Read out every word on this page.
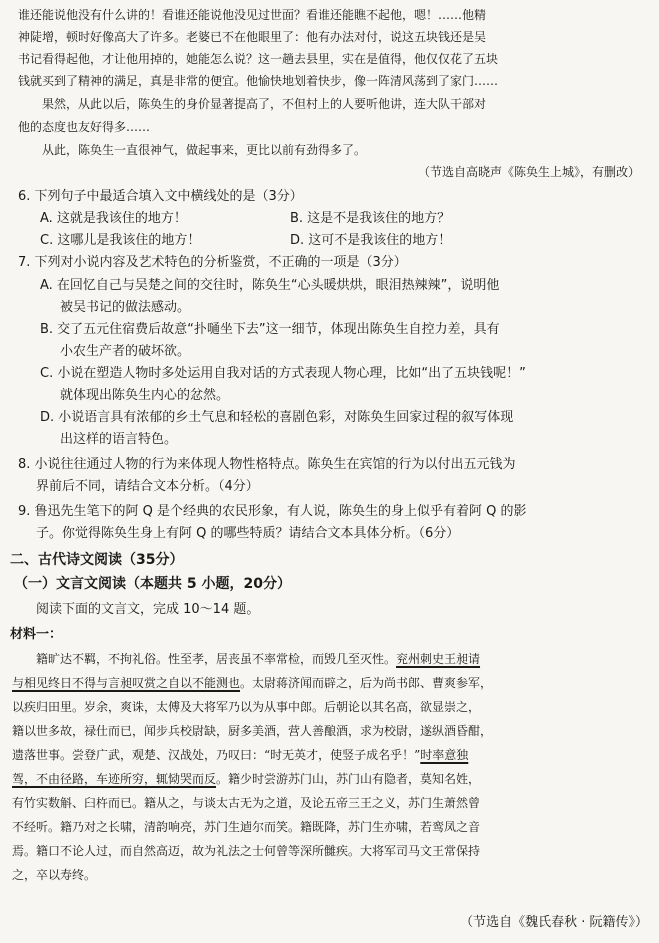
谁还能说他没有什么讲的！看谁还能说他没见过世面？看谁还能瞧不起他，嗯！……他精
神陡增，顿时好像高大了许多。老婆已不在他眼里了：他有办法对付，说这五块钱还是吴
书记看得起他，才让他用掉的，她能怎么说？这一趟去县里，实在是值得，他仅仅花了五块
钱就买到了精神的满足，真是非常的便宜。他愉快地划着快步，像一阵清风荡到了家门……
果然，从此以后，陈奂生的身价显著提高了，不但村上的人要听他讲，连大队干部对
他的态度也友好得多……
从此，陈奂生一直很神气，做起事来，更比以前有劲得多了。
（节选自高晓声《陈奂生上城》，有删改）
6. 下列句子中最适合填入文中横线处的是（3分）
A. 这就是我该住的地方！	B. 这是不是我该住的地方？
C. 这哪儿是我该住的地方！	D. 这可不是我该住的地方！
7. 下列对小说内容及艺术特色的分析鉴赏，不正确的一项是（3分）
A. 在回忆自己与吴楚之间的交往时，陈奂生“心头暖烘烘，眼泪热辣辣”，说明他
被吴书记的做法感动。
B. 交了五元住宿费后故意“扑嗵坐下去”这一细节，体现出陈奂生自控力差，具有
小农生产者的破坏欲。
C. 小说在塑造人物时多处运用自我对话的方式表现人物心理，比如“出了五块钱呢！”
就体现出陈奂生内心的忿然。
D. 小说语言具有浓郁的乡土气息和轻松的喜剧色彩，对陈奂生回家过程的叙写体现
出这样的语言特色。
8. 小说往往通过人物的行为来体现人物性格特点。陈奂生在宾馆的行为以付出五元钱为
界前后不同，请结合文本分析。（4分）
9. 鲁迅先生笔下的阿 Q 是个经典的农民形象，有人说，陈奂生的身上似乎有着阿 Q 的影
子。你觉得陈奂生身上有阿 Q 的哪些特质？请结合文本具体分析。（6分）
二、古代诗文阅读（35分）
（一）文言文阅读（本题共 5 小题，20分）
阅读下面的文言文，完成 10～14 题。
材料一：
籍旷达不羁，不拘礼俗。性至孝，居丧虽不率常检，而毁几至灭性。兖州刺史王昶请
与相见终日不得与言昶叹赏之自以不能测也。太尉蒋济闻而辟之，后为尚书郎、曹爽参军，
以疾归田里。岁余，爽诛，太傅及大将军乃以为从事中郎。后朝论以其名高，欲显崇之，
籍以世多故，禄仕而已，闻步兵校尉缺，厨多美酒，营人善酿酒，求为校尉，遂纵酒昏酣，
遗落世事。尝登广武，观楚、汉战处，乃叹曰：“时无英才，使竖子成名乎！”时率意独
驾，不由径路，车迹所穷，辄恸哭而反。籍少时尝游苏门山，苏门山有隐者，莫知名姓，
有竹实数斛、臼杵而已。籍从之，与谈太古无为之道，及论五帝三王之义，苏门生萧然曾
不经听。籍乃对之长啸，清韵响亮，苏门生逌尔而笑。籍既降，苏门生亦啸，若鸾凤之音
焉。籍口不论人过，而自然高迈，故为礼法之士何曾等深所雠疾。大将军司马文王常保持
之，卒以寿终。
（节选自《魏氏春秋 · 阮籍传》）
